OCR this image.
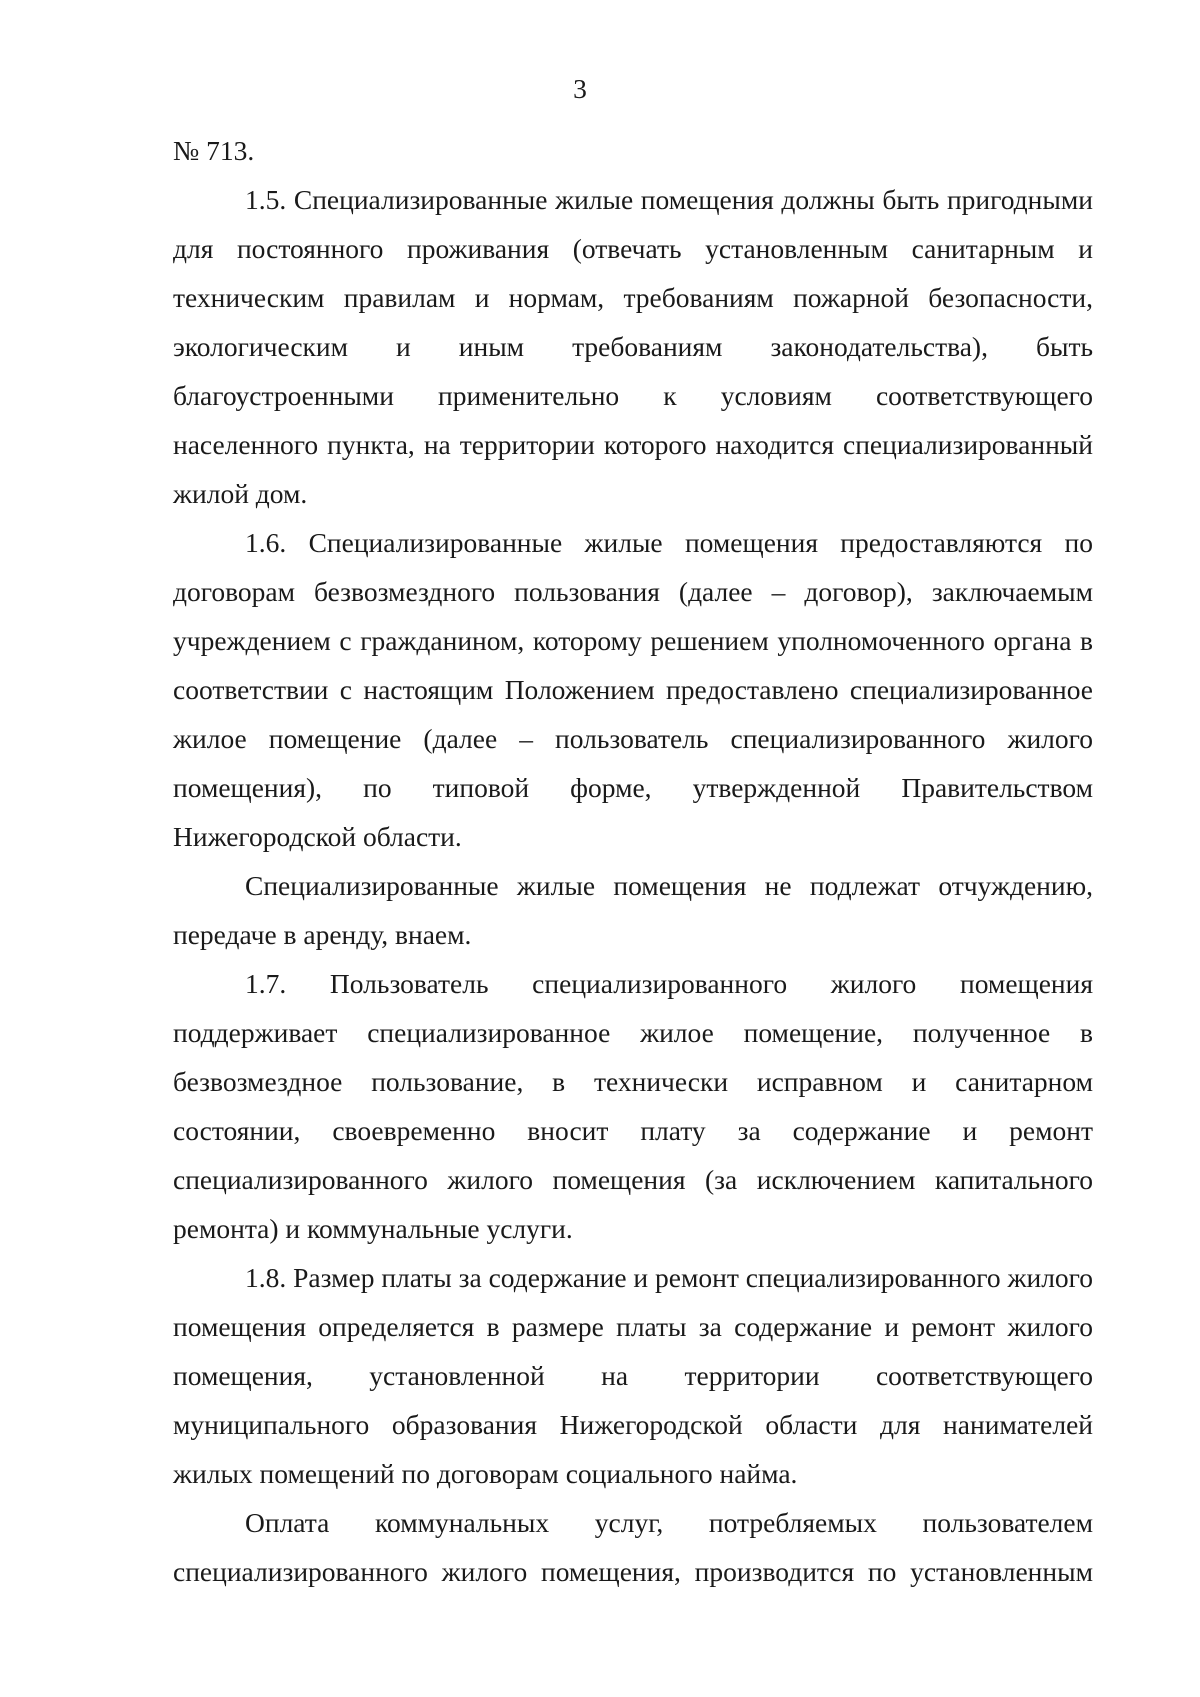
3

№ 713.

1.5. Специализированные жилые помещения должны быть пригодными для постоянного проживания (отвечать установленным санитарным и техническим правилам и нормам, требованиям пожарной безопасности, экологическим и иным требованиям законодательства), быть благоустроенными применительно к условиям соответствующего населенного пункта, на территории которого находится специализированный жилой дом.

1.6. Специализированные жилые помещения предоставляются по договорам безвозмездного пользования (далее – договор), заключаемым учреждением с гражданином, которому решением уполномоченного органа в соответствии с настоящим Положением предоставлено специализированное жилое помещение (далее – пользователь специализированного жилого помещения), по типовой форме, утвержденной Правительством Нижегородской области.

Специализированные жилые помещения не подлежат отчуждению, передаче в аренду, внаем.

1.7. Пользователь специализированного жилого помещения поддерживает специализированное жилое помещение, полученное в безвозмездное пользование, в технически исправном и санитарном состоянии, своевременно вносит плату за содержание и ремонт специализированного жилого помещения (за исключением капитального ремонта) и коммунальные услуги.

1.8. Размер платы за содержание и ремонт специализированного жилого помещения определяется в размере платы за содержание и ремонт жилого помещения, установленной на территории соответствующего муниципального образования Нижегородской области для нанимателей жилых помещений по договорам социального найма.

Оплата коммунальных услуг, потребляемых пользователем специализированного жилого помещения, производится по установленным
